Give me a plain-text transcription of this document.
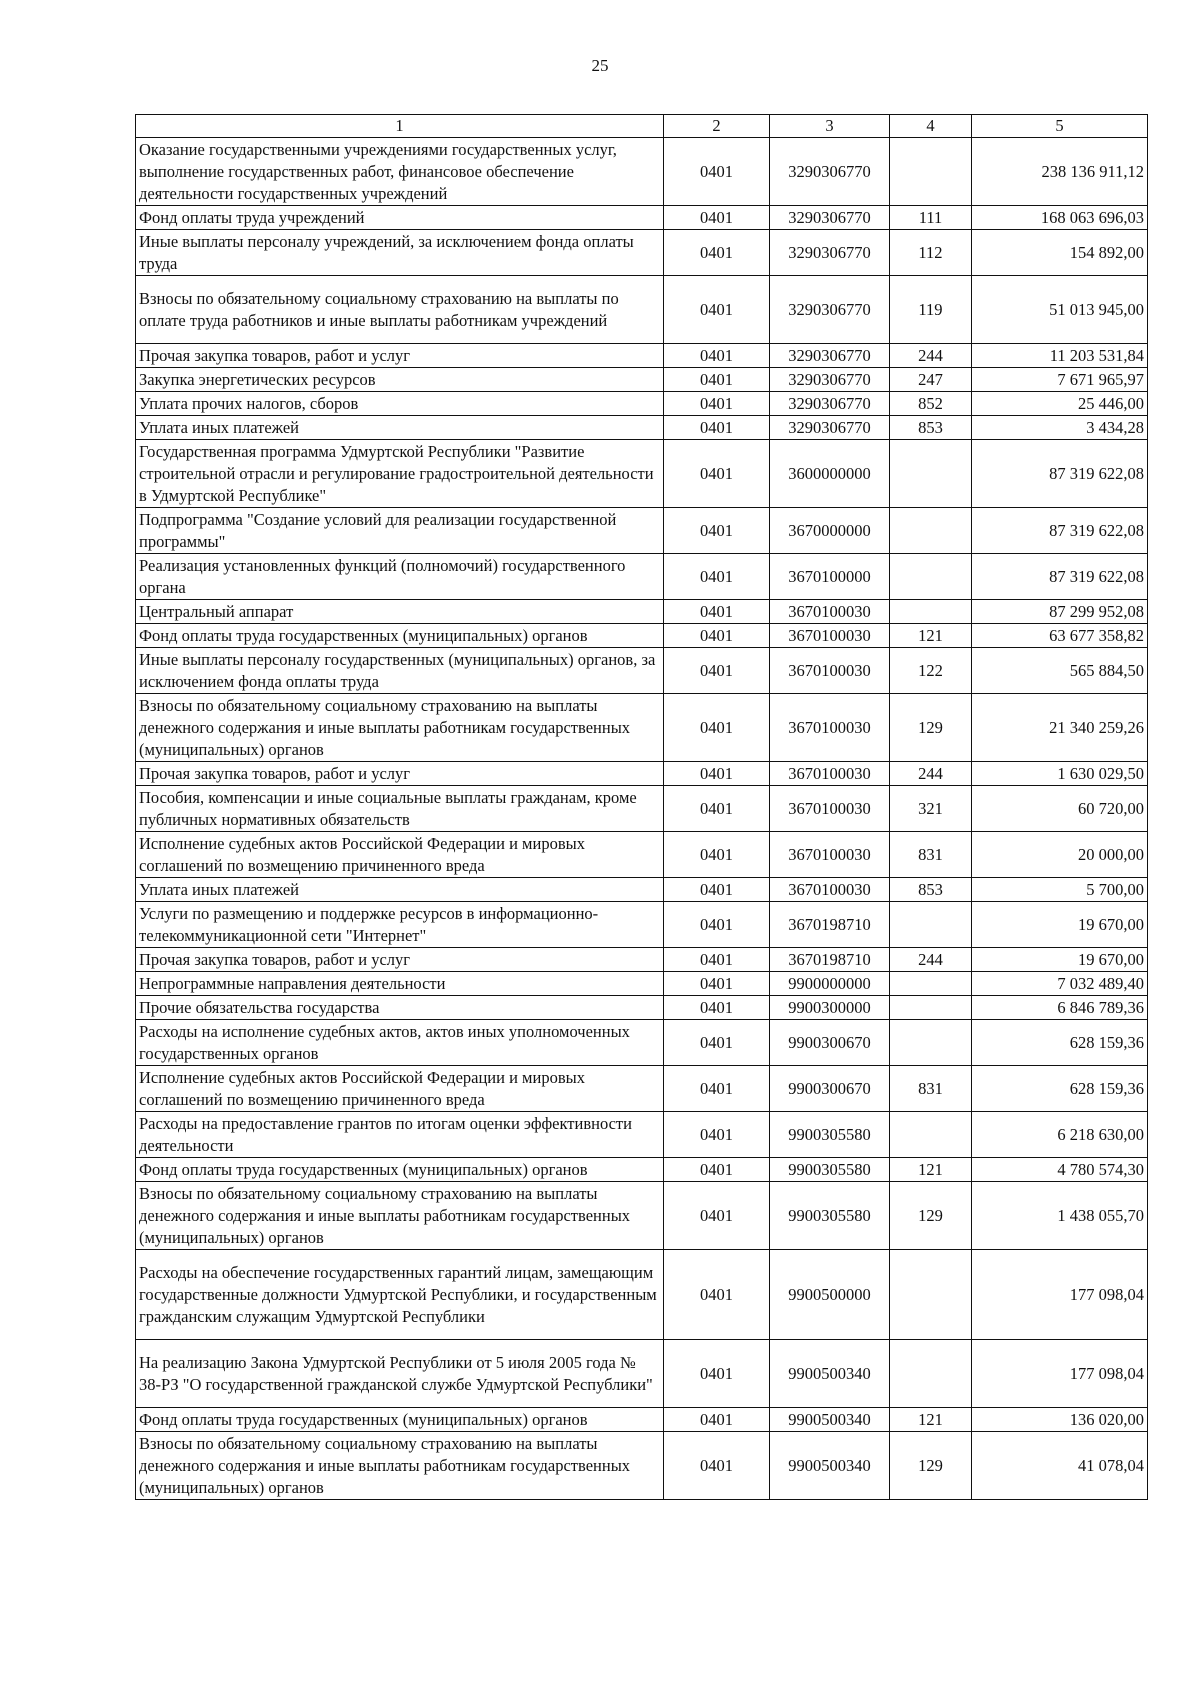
25
1	2	3	4	5
Оказание государственными учреждениями государственных услуг, выполнение государственных работ, финансовое обеспечение деятельности государственных учреждений	0401	3290306770		238 136 911,12
Фонд оплаты труда учреждений	0401	3290306770	111	168 063 696,03
Иные выплаты персоналу учреждений, за исключением фонда оплаты труда	0401	3290306770	112	154 892,00
Взносы по обязательному социальному страхованию на выплаты по оплате труда работников и иные выплаты работникам учреждений	0401	3290306770	119	51 013 945,00
Прочая закупка товаров, работ и услуг	0401	3290306770	244	11 203 531,84
Закупка энергетических ресурсов	0401	3290306770	247	7 671 965,97
Уплата прочих налогов, сборов	0401	3290306770	852	25 446,00
Уплата иных платежей	0401	3290306770	853	3 434,28
Государственная программа Удмуртской Республики "Развитие строительной отрасли и регулирование градостроительной деятельности в Удмуртской Республике"	0401	3600000000		87 319 622,08
Подпрограмма "Создание условий для реализации государственной программы"	0401	3670000000		87 319 622,08
Реализация установленных функций (полномочий) государственного органа	0401	3670100000		87 319 622,08
Центральный аппарат	0401	3670100030		87 299 952,08
Фонд оплаты труда государственных (муниципальных) органов	0401	3670100030	121	63 677 358,82
Иные выплаты персоналу государственных (муниципальных) органов, за исключением фонда оплаты труда	0401	3670100030	122	565 884,50
Взносы по обязательному социальному страхованию на выплаты денежного содержания и иные выплаты работникам государственных (муниципальных) органов	0401	3670100030	129	21 340 259,26
Прочая закупка товаров, работ и услуг	0401	3670100030	244	1 630 029,50
Пособия, компенсации и иные социальные выплаты гражданам, кроме публичных нормативных обязательств	0401	3670100030	321	60 720,00
Исполнение судебных актов Российской Федерации и мировых соглашений по возмещению причиненного вреда	0401	3670100030	831	20 000,00
Уплата иных платежей	0401	3670100030	853	5 700,00
Услуги по размещению и поддержке ресурсов в информационно-телекоммуникационной сети "Интернет"	0401	3670198710		19 670,00
Прочая закупка товаров, работ и услуг	0401	3670198710	244	19 670,00
Непрограммные направления деятельности	0401	9900000000		7 032 489,40
Прочие обязательства государства	0401	9900300000		6 846 789,36
Расходы на исполнение судебных актов, актов иных уполномоченных государственных органов	0401	9900300670		628 159,36
Исполнение судебных актов Российской Федерации и мировых соглашений по возмещению причиненного вреда	0401	9900300670	831	628 159,36
Расходы на предоставление грантов по итогам оценки эффективности деятельности	0401	9900305580		6 218 630,00
Фонд оплаты труда государственных (муниципальных) органов	0401	9900305580	121	4 780 574,30
Взносы по обязательному социальному страхованию на выплаты денежного содержания и иные выплаты работникам государственных (муниципальных) органов	0401	9900305580	129	1 438 055,70
Расходы на обеспечение государственных гарантий лицам, замещающим государственные должности Удмуртской Республики, и государственным гражданским служащим Удмуртской Республики	0401	9900500000		177 098,04
На реализацию Закона Удмуртской Республики от 5 июля 2005 года № 38-РЗ "О государственной гражданской службе Удмуртской Республики"	0401	9900500340		177 098,04
Фонд оплаты труда государственных (муниципальных) органов	0401	9900500340	121	136 020,00
Взносы по обязательному социальному страхованию на выплаты денежного содержания и иные выплаты работникам государственных (муниципальных) органов	0401	9900500340	129	41 078,04
